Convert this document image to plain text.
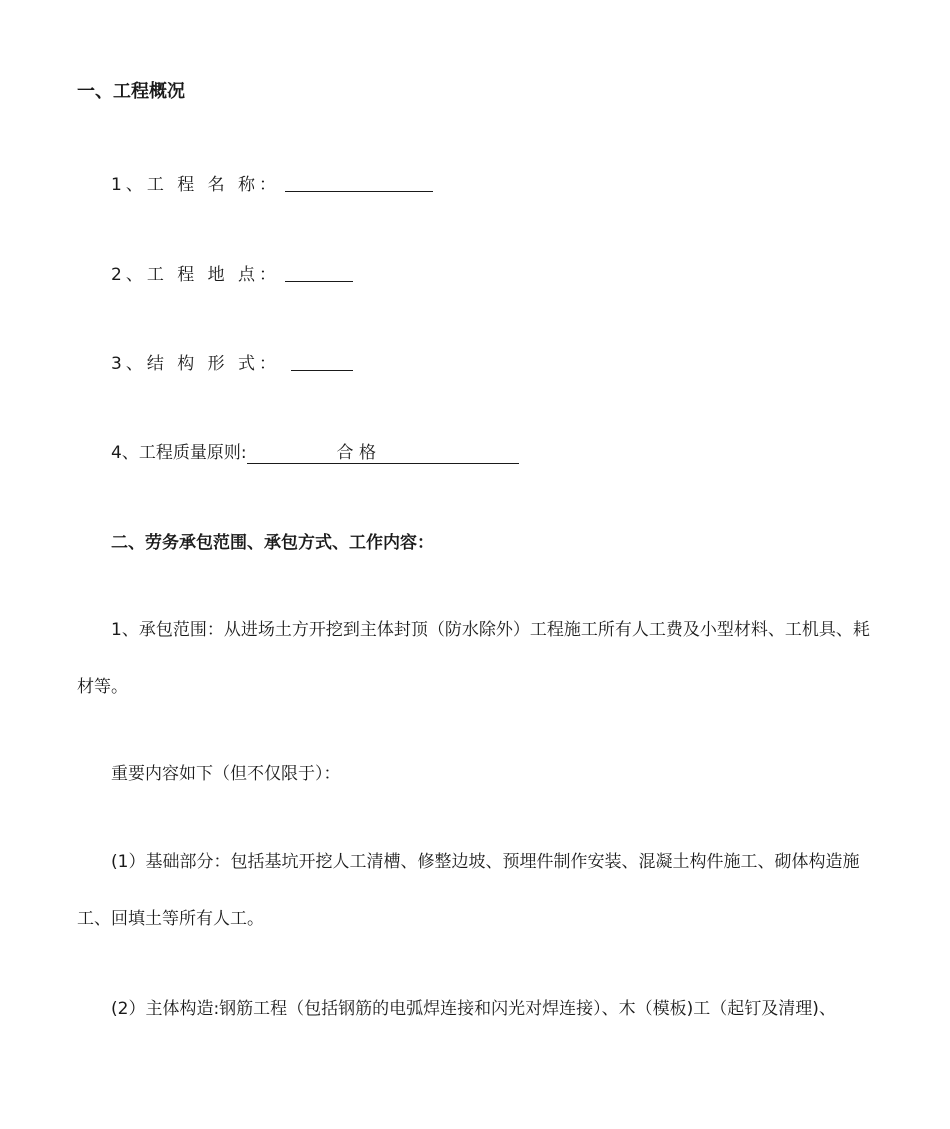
一、工程概况
1、工 程 名 称：
2、工 程 地 点：
3、结 构 形 式：
4、工程质量原则:	合 格
二、劳务承包范围、承包方式、工作内容：
1、承包范围：从进场土方开挖到主体封顶（防水除外）工程施工所有人工费及小型材料、工机具、耗材等。
重要内容如下（但不仅限于）：
(1）基础部分：包括基坑开挖人工清槽、修整边坡、预埋件制作安装、混凝土构件施工、砌体构造施工、回填土等所有人工。
(2）主体构造:钢筋工程（包括钢筋的电弧焊连接和闪光对焊连接）、木（模板)工（起钉及清理)、
